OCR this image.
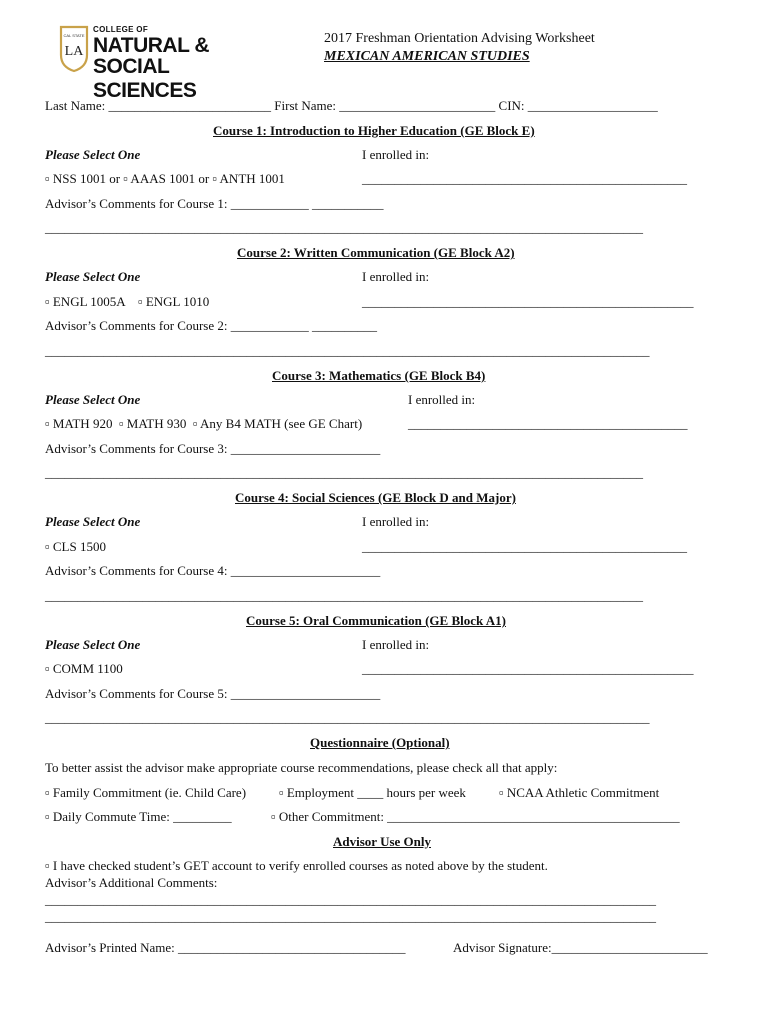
CAL STATE
LA
COLLEGE OF
NATURAL &
SOCIAL SCIENCES
2017 Freshman Orientation Advising Worksheet
MEXICAN AMERICAN STUDIES
Last Name: _________________________ First Name: ________________________ CIN: ____________________
Course 1: Introduction to Higher Education (GE Block E)
Please Select One	I enrolled in:
▫ NSS 1001 or ▫ AAAS 1001 or ▫ ANTH 1001	__________________________________________________
Advisor’s Comments for Course 1: ____________ ___________
____________________________________________________________________________________________
Course 2: Written Communication (GE Block A2)
Please Select One	I enrolled in:
▫ ENGL 1005A    ▫ ENGL 1010	___________________________________________________
Advisor’s Comments for Course 2: ____________ __________
_____________________________________________________________________________________________
Course 3: Mathematics (GE Block B4)
Please Select One	I enrolled in:
▫ MATH 920  ▫ MATH 930  ▫ Any B4 MATH (see GE Chart)	___________________________________________
Advisor’s Comments for Course 3: _______________________
____________________________________________________________________________________________
Course 4: Social Sciences (GE Block D and Major)
Please Select One	I enrolled in:
▫ CLS 1500	__________________________________________________
Advisor’s Comments for Course 4: _______________________
____________________________________________________________________________________________
Course 5: Oral Communication (GE Block A1)
Please Select One	I enrolled in:
▫ COMM 1100	___________________________________________________
Advisor’s Comments for Course 5: _______________________
_____________________________________________________________________________________________
Questionnaire (Optional)
To better assist the advisor make appropriate course recommendations, please check all that apply:
▫ Family Commitment (ie. Child Care)	▫ Employment ____ hours per week	▫ NCAA Athletic Commitment
▫ Daily Commute Time: _________	▫ Other Commitment: _____________________________________________
Advisor Use Only
▫ I have checked student’s GET account to verify enrolled courses as noted above by the student.
Advisor’s Additional Comments:
______________________________________________________________________________________________
______________________________________________________________________________________________
Advisor’s Printed Name: ___________________________________	Advisor Signature:________________________
